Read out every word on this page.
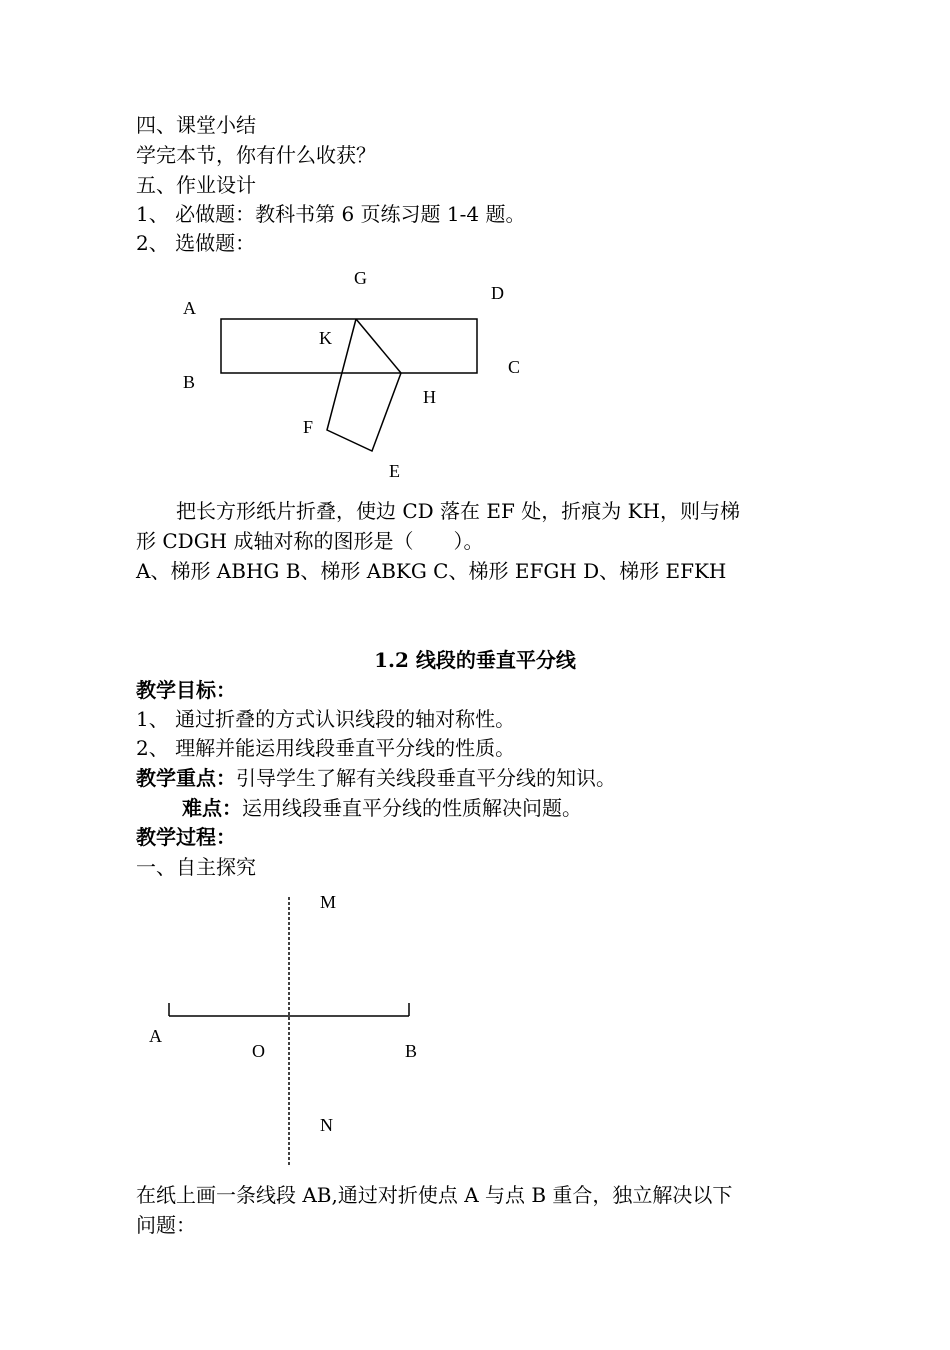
四、课堂小结
学完本节，你有什么收获？
五、作业设计
1、 必做题：教科书第 6 页练习题 1-4 题。
2、 选做题：
G
D
A
K
C
B
H
F
E
　　把长方形纸片折叠，使边 CD 落在 EF 处，折痕为 KH，则与梯
形 CDGH 成轴对称的图形是（　　）。
A、梯形 ABHG B、梯形 ABKG C、梯形 EFGH D、梯形 EFKH
1.2 线段的垂直平分线
教学目标：
1、 通过折叠的方式认识线段的轴对称性。
2、 理解并能运用线段垂直平分线的性质。
教学重点：引导学生了解有关线段垂直平分线的知识。
难点：运用线段垂直平分线的性质解决问题。
教学过程：
一、自主探究
M
A
O	B
N
在纸上画一条线段 AB,通过对折使点 A 与点 B 重合，独立解决以下
问题：
